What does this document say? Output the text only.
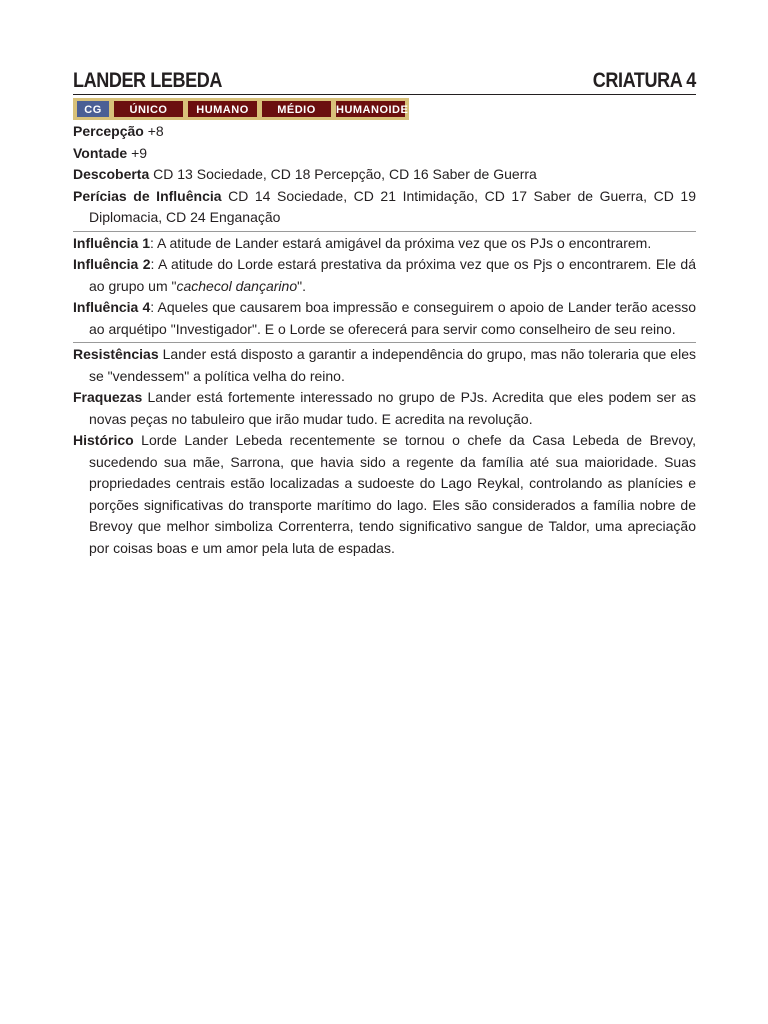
LANDER LEBEDA	CRIATURA 4
CG	ÚNICO	HUMANO	MÉDIO	HUMANOIDE
Percepção +8
Vontade +9
Descoberta CD 13 Sociedade, CD 18 Percepção, CD 16 Saber de Guerra
Perícias de Influência CD 14 Sociedade, CD 21 Intimidação, CD 17 Saber de Guerra, CD 19 Diplomacia, CD 24 Enganação
Influência 1: A atitude de Lander estará amigável da próxima vez que os PJs o encontrarem.
Influência 2: A atitude do Lorde estará prestativa da próxima vez que os Pjs o encontrarem. Ele dá ao grupo um "cachecol dançarino".
Influência 4: Aqueles que causarem boa impressão e conseguirem o apoio de Lander terão acesso ao arquétipo "Investigador". E o Lorde se oferecerá para servir como conselheiro de seu reino.
Resistências Lander está disposto a garantir a independência do grupo, mas não toleraria que eles se "vendessem" a política velha do reino.
Fraquezas Lander está fortemente interessado no grupo de PJs. Acredita que eles podem ser as novas peças no tabuleiro que irão mudar tudo. E acredita na revolução.
Histórico Lorde Lander Lebeda recentemente se tornou o chefe da Casa Lebeda de Brevoy, sucedendo sua mãe, Sarrona, que havia sido a regente da família até sua maioridade. Suas propriedades centrais estão localizadas a sudoeste do Lago Reykal, controlando as planícies e porções significativas do transporte marítimo do lago. Eles são considerados a família nobre de Brevoy que melhor simboliza Correnterra, tendo significativo sangue de Taldor, uma apreciação por coisas boas e um amor pela luta de espadas.
